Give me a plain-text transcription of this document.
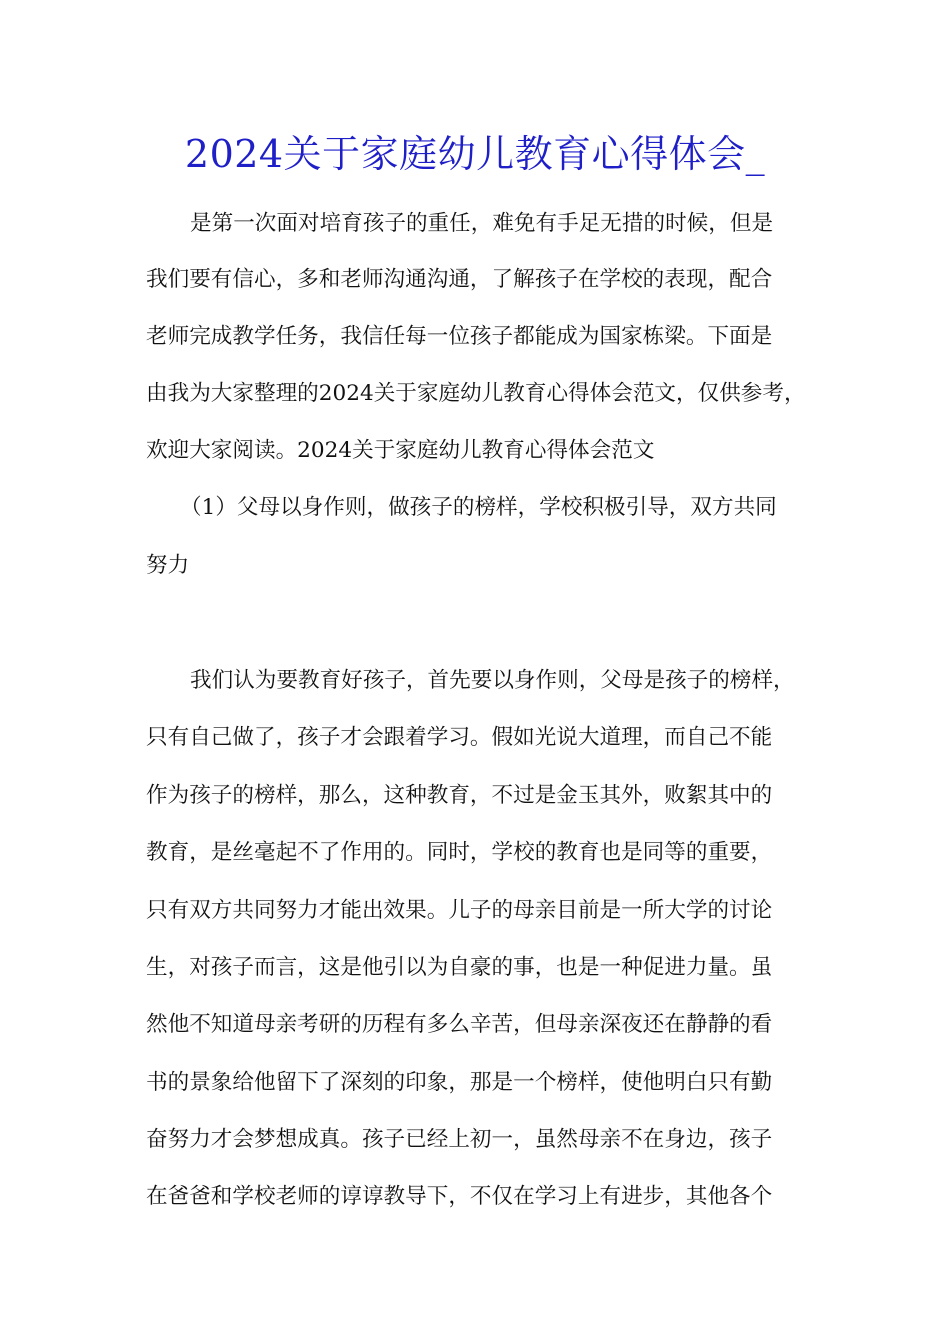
2024关于家庭幼儿教育心得体会_

是第一次面对培育孩子的重任，难免有手足无措的时候，但是

我们要有信心，多和老师沟通沟通，了解孩子在学校的表现，配合

老师完成教学任务，我信任每一位孩子都能成为国家栋梁。下面是

由我为大家整理的2024关于家庭幼儿教育心得体会范文，仅供参考，

欢迎大家阅读。2024关于家庭幼儿教育心得体会范文

（1）父母以身作则，做孩子的榜样，学校积极引导，双方共同

努力

我们认为要教育好孩子，首先要以身作则，父母是孩子的榜样，

只有自己做了，孩子才会跟着学习。假如光说大道理，而自己不能

作为孩子的榜样，那么，这种教育，不过是金玉其外，败絮其中的

教育，是丝毫起不了作用的。同时，学校的教育也是同等的重要，

只有双方共同努力才能出效果。儿子的母亲目前是一所大学的讨论

生，对孩子而言，这是他引以为自豪的事，也是一种促进力量。虽

然他不知道母亲考研的历程有多么辛苦，但母亲深夜还在静静的看

书的景象给他留下了深刻的印象，那是一个榜样，使他明白只有勤

奋努力才会梦想成真。孩子已经上初一，虽然母亲不在身边，孩子

在爸爸和学校老师的谆谆教导下，不仅在学习上有进步，其他各个
